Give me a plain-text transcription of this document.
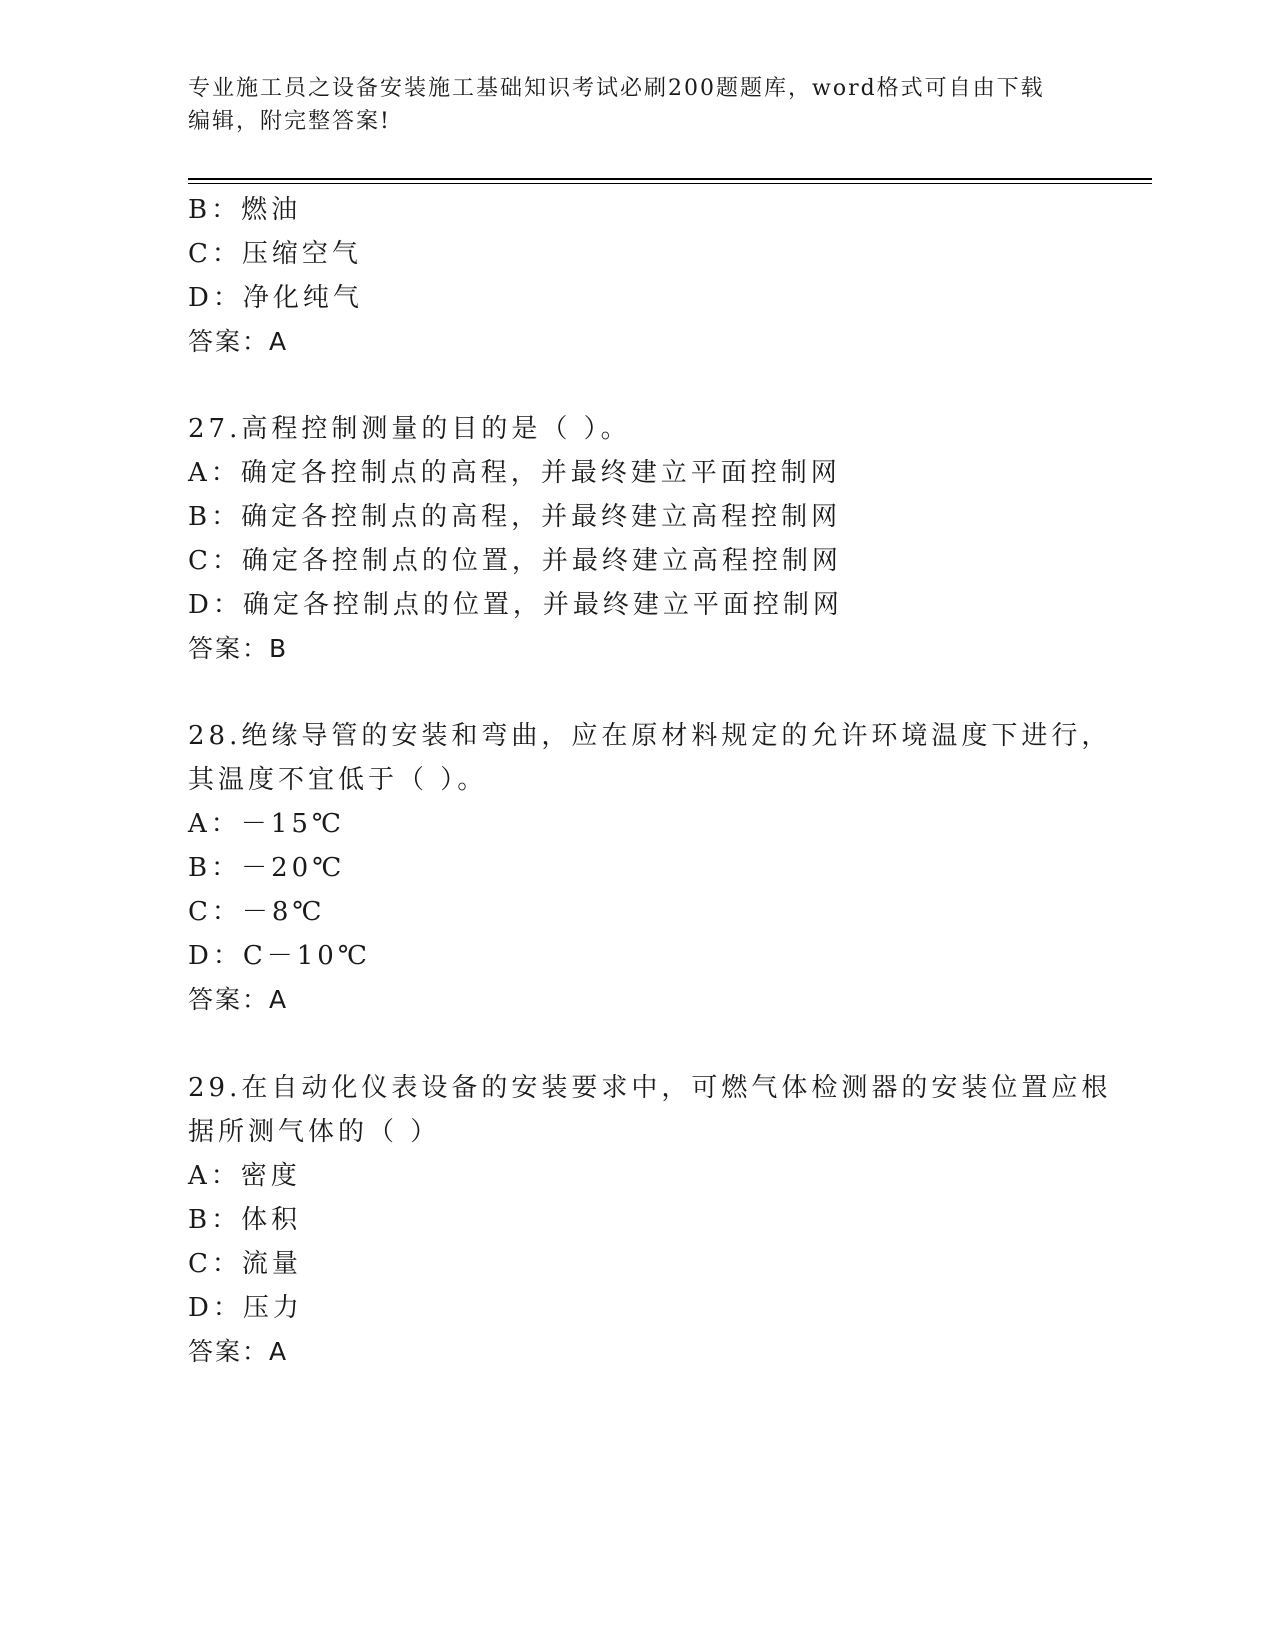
专业施工员之设备安装施工基础知识考试必刷200题题库，word格式可自由下载
编辑，附完整答案!
B：燃油
C：压缩空气
D：净化纯气
答案：A
27.高程控制测量的目的是（ ）。
A：确定各控制点的高程，并最终建立平面控制网
B：确定各控制点的高程，并最终建立高程控制网
C：确定各控制点的位置，并最终建立高程控制网
D：确定各控制点的位置，并最终建立平面控制网
答案：B
28.绝缘导管的安装和弯曲，应在原材料规定的允许环境温度下进行，
其温度不宜低于（ ）。
A：－15℃
B：－20℃
C：－8℃
D：C－10℃
答案：A
29.在自动化仪表设备的安装要求中，可燃气体检测器的安装位置应根
据所测气体的（ ）
A：密度
B：体积
C：流量
D：压力
答案：A
